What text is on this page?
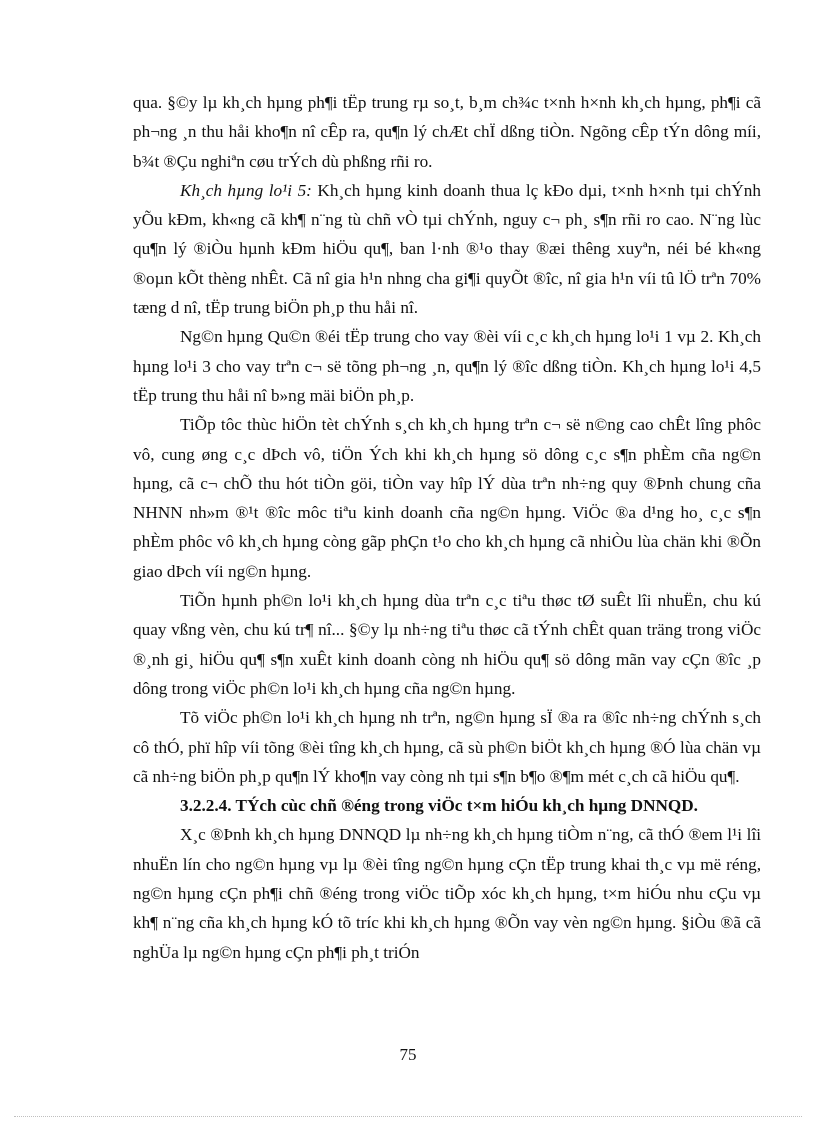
qua. §©y lµ kh¸ch hµng ph¶i tËp trung rµ so¸t, b¸m ch¾c t×nh h×nh kh¸ch hµng, ph¶i cã ph¬ng ¸n thu håi kho¶n nî cÊp ra, qu¶n lý chÆt chÏ dßng tiÒn. Ngõng cÊp tÝn dông míi, b¾t ®Çu nghiªn cøu trÝch dù phßng rñi ro.

Kh¸ch hµng lo¹i 5: Kh¸ch hµng kinh doanh thua lç kÐo dµi, t×nh h×nh tµi chÝnh yÕu kÐm, kh«ng cã kh¶ n¨ng tù chñ vÒ tµi chÝnh, nguy c¬ ph¸ s¶n rñi ro cao. N¨ng lùc qu¶n lý ®iÒu hµnh kÐm hiÖu qu¶, ban l·nh ®¹o thay ®æi thêng xuyªn, néi bé kh«ng ®oµn kÕt thèng nhÊt. Cã nî gia h¹n nhng cha gi¶i quyÕt ®îc, nî gia h¹n víi tû lÖ trªn 70% tæng d nî, tËp trung biÖn ph¸p thu håi nî.

Ng©n hµng Qu©n ®éi tËp trung cho vay ®èi víi c¸c kh¸ch hµng lo¹i 1 vµ 2. Kh¸ch hµng lo¹i 3 cho vay trªn c¬ së tõng ph¬ng ¸n, qu¶n lý ®îc dßng tiÒn. Kh¸ch hµng lo¹i 4,5 tËp trung thu håi nî b»ng mäi biÖn ph¸p.

TiÕp tôc thùc hiÖn tèt chÝnh s¸ch kh¸ch hµng trªn c¬ së n©ng cao chÊt lîng phôc vô, cung øng c¸c dÞch vô, tiÖn Ých khi kh¸ch hµng sö dông c¸c s¶n phÈm cña ng©n hµng, cã c¬ chÕ thu hót tiÒn göi, tiÒn vay hîp lÝ dùa trªn nh÷ng quy ®Þnh chung cña NHNN nh»m ®¹t ®îc môc tiªu kinh doanh cña ng©n hµng. ViÖc ®a d¹ng ho¸ c¸c s¶n phÈm phôc vô kh¸ch hµng còng gãp phÇn t¹o cho kh¸ch hµng cã nhiÒu lùa chän khi ®Õn giao dÞch víi ng©n hµng.

TiÕn hµnh ph©n lo¹i kh¸ch hµng dùa trªn c¸c tiªu thøc tØ suÊt lîi nhuËn, chu kú quay vßng vèn, chu kú tr¶ nî... §©y lµ nh÷ng tiªu thøc cã tÝnh chÊt quan träng trong viÖc ®¸nh gi¸ hiÖu qu¶ s¶n xuÊt kinh doanh còng nh hiÖu qu¶ sö dông mãn vay cÇn ®îc ¸p dông trong viÖc ph©n lo¹i kh¸ch hµng cña ng©n hµng.

Tõ viÖc ph©n lo¹i kh¸ch hµng nh trªn, ng©n hµng sÏ ®a ra ®îc nh÷ng chÝnh s¸ch cô thÓ, phï hîp víi tõng ®èi tîng kh¸ch hµng, cã sù ph©n biÖt kh¸ch hµng ®Ó lùa chän vµ cã nh÷ng biÖn ph¸p qu¶n lÝ kho¶n vay còng nh tµi s¶n b¶o ®¶m mét c¸ch cã hiÖu qu¶.

3.2.2.4. TÝch cùc chñ ®éng trong viÖc t×m hiÓu kh¸ch hµng DNNQD.

X¸c ®Þnh kh¸ch hµng DNNQD lµ nh÷ng kh¸ch hµng tiÒm n¨ng, cã thÓ ®em l¹i lîi nhuËn lín cho ng©n hµng vµ lµ ®èi tîng ng©n hµng cÇn tËp trung khai th¸c vµ më réng, ng©n hµng cÇn ph¶i chñ ®éng trong viÖc tiÕp xóc kh¸ch hµng, t×m hiÓu nhu cÇu vµ kh¶ n¨ng cña kh¸ch hµng kÓ tõ tríc khi kh¸ch hµng ®Õn vay vèn ng©n hµng. §iÒu ®ã cã nghÜa lµ ng©n hµng cÇn ph¶i ph¸t triÓn

75
